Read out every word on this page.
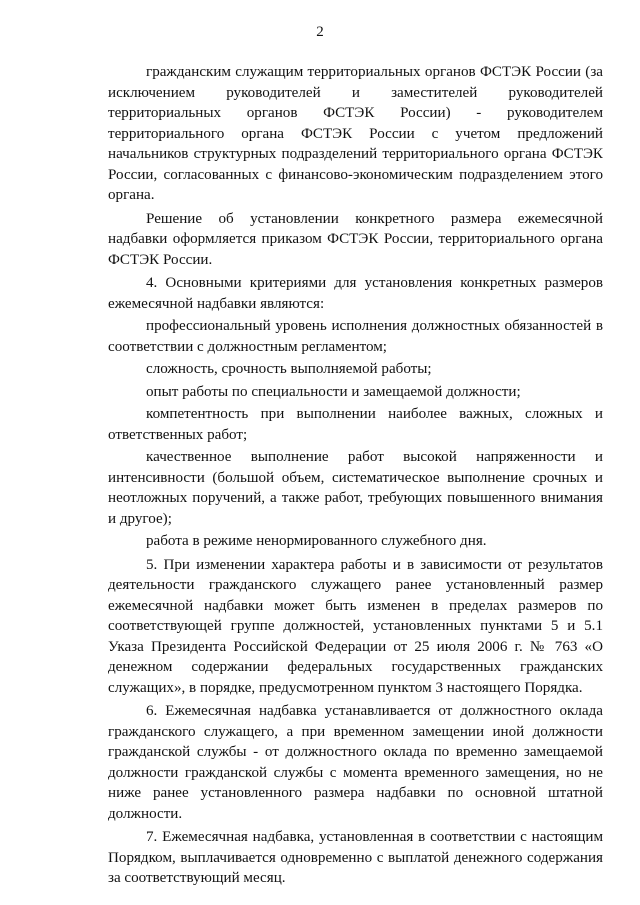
2

гражданским служащим территориальных органов ФСТЭК России (за исключением руководителей и заместителей руководителей территориальных органов ФСТЭК России) - руководителем территориального органа ФСТЭК России с учетом предложений начальников структурных подразделений территориального органа ФСТЭК России, согласованных с финансово-экономическим подразделением этого органа.

Решение об установлении конкретного размера ежемесячной надбавки оформляется приказом ФСТЭК России, территориального органа ФСТЭК России.

4. Основными критериями для установления конкретных размеров ежемесячной надбавки являются:

профессиональный уровень исполнения должностных обязанностей в соответствии с должностным регламентом;

сложность, срочность выполняемой работы;

опыт работы по специальности и замещаемой должности;

компетентность при выполнении наиболее важных, сложных и ответственных работ;

качественное выполнение работ высокой напряженности и интенсивности (большой объем, систематическое выполнение срочных и неотложных поручений, а также работ, требующих повышенного внимания и другое);

работа в режиме ненормированного служебного дня.

5. При изменении характера работы и в зависимости от результатов деятельности гражданского служащего ранее установленный размер ежемесячной надбавки может быть изменен в пределах размеров по соответствующей группе должностей, установленных пунктами 5 и 5.1 Указа Президента Российской Федерации от 25 июля 2006 г. № 763 «О денежном содержании федеральных государственных гражданских служащих», в порядке, предусмотренном пунктом 3 настоящего Порядка.

6. Ежемесячная надбавка устанавливается от должностного оклада гражданского служащего, а при временном замещении иной должности гражданской службы - от должностного оклада по временно замещаемой должности гражданской службы с момента временного замещения, но не ниже ранее установленного размера надбавки по основной штатной должности.

7. Ежемесячная надбавка, установленная в соответствии с настоящим Порядком, выплачивается одновременно с выплатой денежного содержания за соответствующий месяц.
